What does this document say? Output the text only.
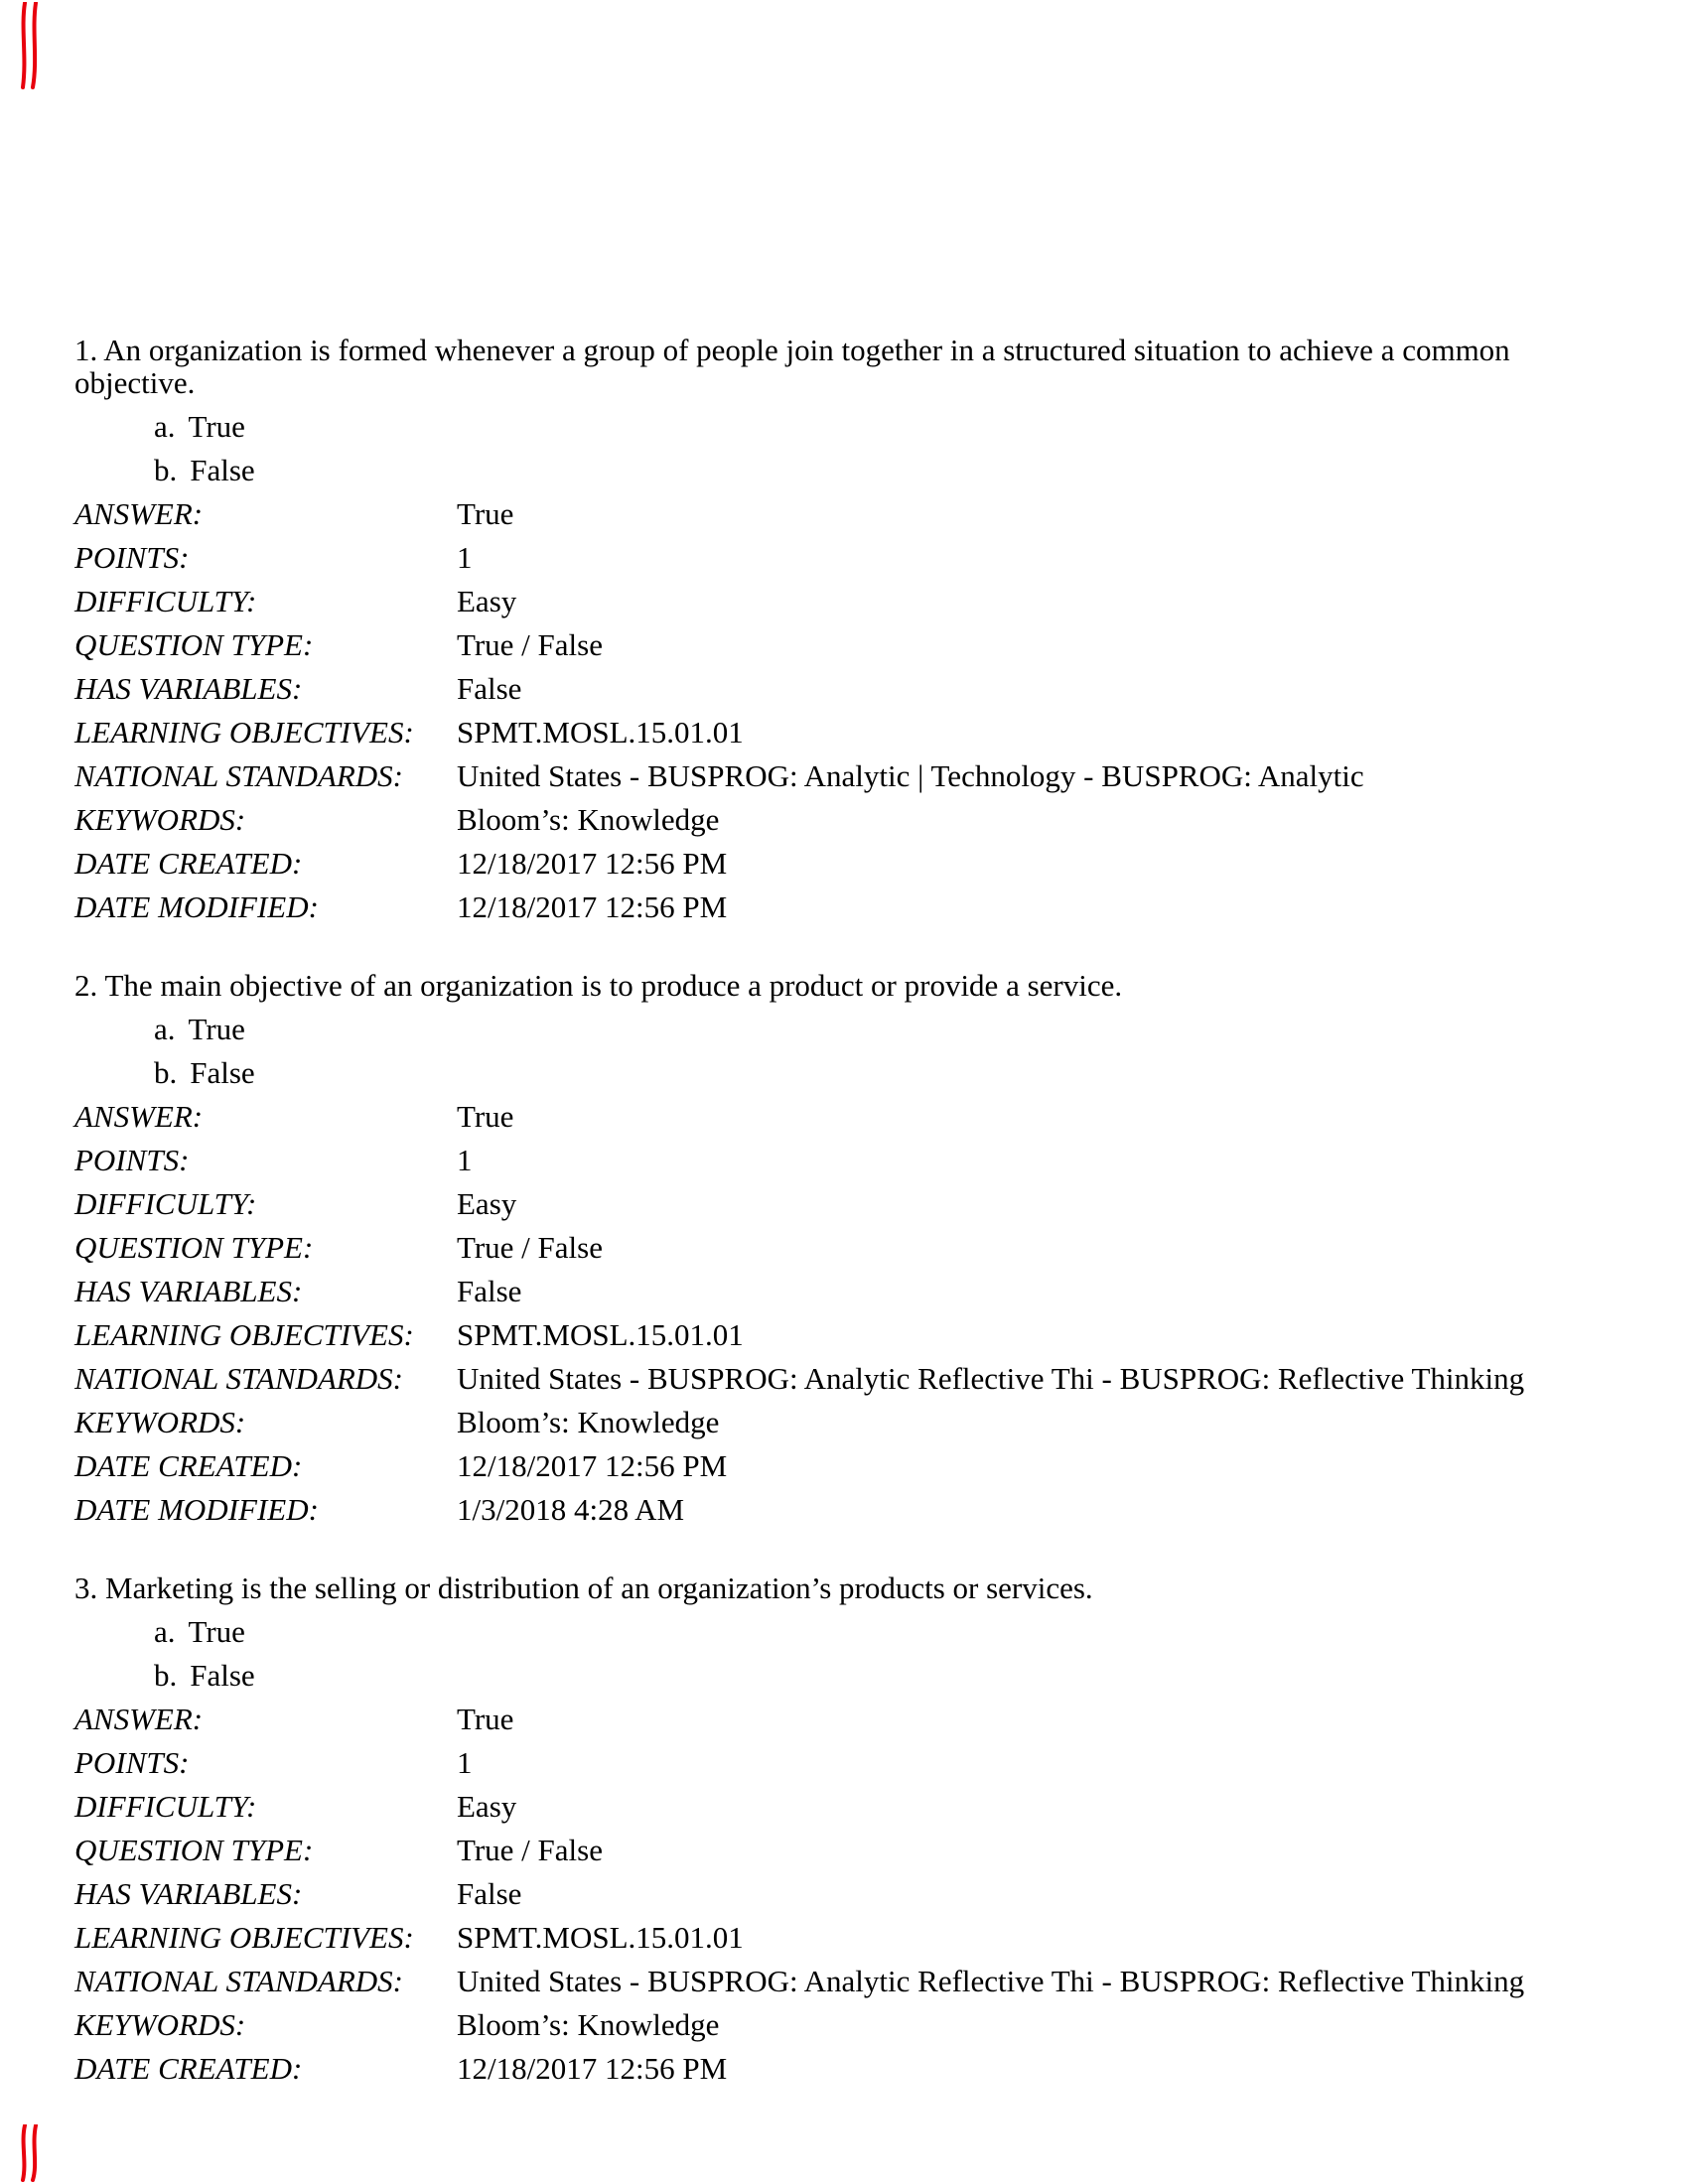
1. An organization is formed whenever a group of people join together in a structured situation to achieve a common objective.

a. True

b. False

ANSWER:	True
POINTS:	1
DIFFICULTY:	Easy
QUESTION TYPE:	True / False
HAS VARIABLES:	False
LEARNING OBJECTIVES:	SPMT.MOSL.15.01.01
NATIONAL STANDARDS:	United States - BUSPROG: Analytic | Technology - BUSPROG: Analytic
KEYWORDS:	Bloom’s: Knowledge
DATE CREATED:	12/18/2017 12:56 PM
DATE MODIFIED:	12/18/2017 12:56 PM

2. The main objective of an organization is to produce a product or provide a service.

a. True

b. False

ANSWER:	True
POINTS:	1
DIFFICULTY:	Easy
QUESTION TYPE:	True / False
HAS VARIABLES:	False
LEARNING OBJECTIVES:	SPMT.MOSL.15.01.01
NATIONAL STANDARDS:	United States - BUSPROG: Analytic Reflective Thi - BUSPROG: Reflective Thinking
KEYWORDS:	Bloom’s: Knowledge
DATE CREATED:	12/18/2017 12:56 PM
DATE MODIFIED:	1/3/2018 4:28 AM

3. Marketing is the selling or distribution of an organization’s products or services.

a. True

b. False

ANSWER:	True
POINTS:	1
DIFFICULTY:	Easy
QUESTION TYPE:	True / False
HAS VARIABLES:	False
LEARNING OBJECTIVES:	SPMT.MOSL.15.01.01
NATIONAL STANDARDS:	United States - BUSPROG: Analytic Reflective Thi - BUSPROG: Reflective Thinking
KEYWORDS:	Bloom’s: Knowledge
DATE CREATED:	12/18/2017 12:56 PM
